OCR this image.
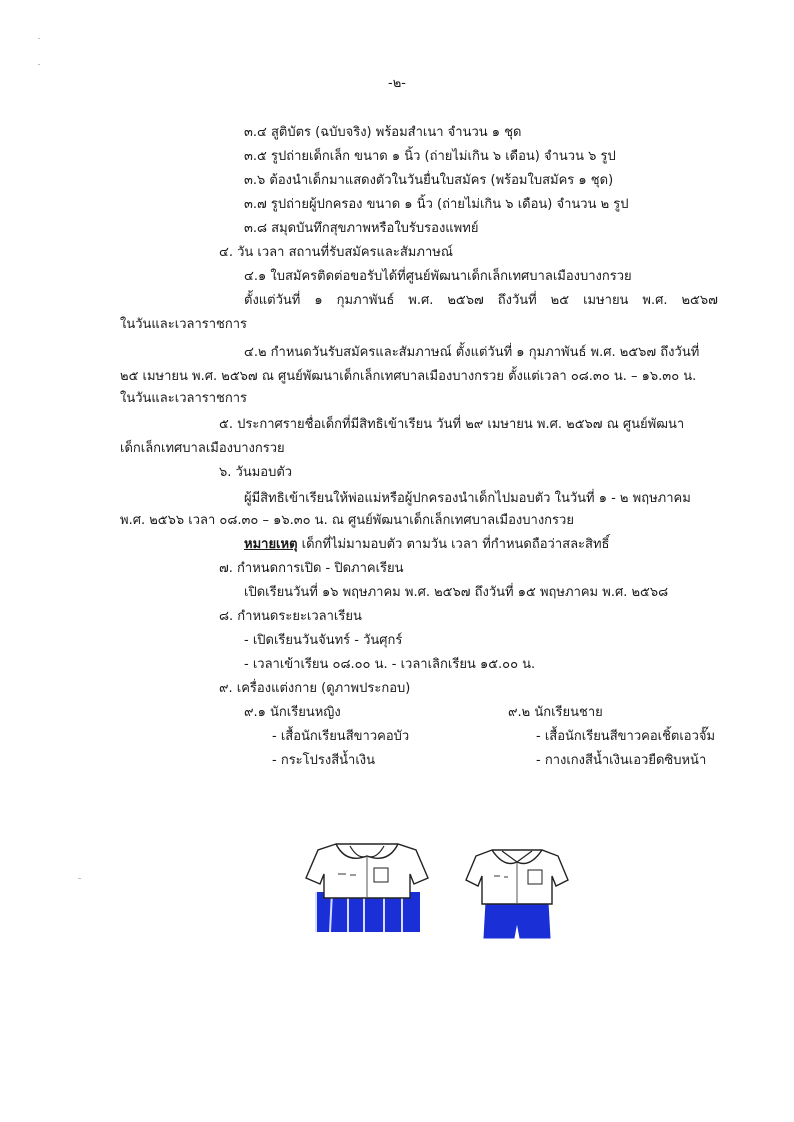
-๒-
๓.๔ สูติบัตร (ฉบับจริง) พร้อมสำเนา จำนวน ๑ ชุด
๓.๕ รูปถ่ายเด็กเล็ก ขนาด ๑ นิ้ว (ถ่ายไม่เกิน ๖ เดือน) จำนวน ๖ รูป
๓.๖ ต้องนำเด็กมาแสดงตัวในวันยื่นใบสมัคร (พร้อมใบสมัคร ๑ ชุด)
๓.๗ รูปถ่ายผู้ปกครอง ขนาด ๑ นิ้ว (ถ่ายไม่เกิน ๖ เดือน) จำนวน ๒ รูป
๓.๘ สมุดบันทึกสุขภาพหรือใบรับรองแพทย์
๔. วัน เวลา สถานที่รับสมัครและสัมภาษณ์
๔.๑ ใบสมัครติดต่อขอรับได้ที่ศูนย์พัฒนาเด็กเล็กเทศบาลเมืองบางกรวย
ตั้งแต่วันที่ ๑ กุมภาพันธ์ พ.ศ. ๒๕๖๗ ถึงวันที่ ๒๕ เมษายน พ.ศ. ๒๕๖๗
ในวันและเวลาราชการ
๔.๒ กำหนดวันรับสมัครและสัมภาษณ์ ตั้งแต่วันที่ ๑ กุมภาพันธ์ พ.ศ. ๒๕๖๗ ถึงวันที่
๒๕ เมษายน พ.ศ. ๒๕๖๗ ณ ศูนย์พัฒนาเด็กเล็กเทศบาลเมืองบางกรวย ตั้งแต่เวลา ๐๘.๓๐ น. – ๑๖.๓๐ น.
ในวันและเวลาราชการ
๕. ประกาศรายชื่อเด็กที่มีสิทธิเข้าเรียน วันที่ ๒๙ เมษายน พ.ศ. ๒๕๖๗ ณ ศูนย์พัฒนา
เด็กเล็กเทศบาลเมืองบางกรวย
๖. วันมอบตัว
ผู้มีสิทธิเข้าเรียนให้พ่อแม่หรือผู้ปกครองนำเด็กไปมอบตัว ในวันที่ ๑ - ๒ พฤษภาคม
พ.ศ. ๒๕๖๖ เวลา ๐๘.๓๐ – ๑๖.๓๐ น. ณ ศูนย์พัฒนาเด็กเล็กเทศบาลเมืองบางกรวย
หมายเหตุ เด็กที่ไม่มามอบตัว ตามวัน เวลา ที่กำหนดถือว่าสละสิทธิ์
๗. กำหนดการเปิด - ปิดภาคเรียน
เปิดเรียนวันที่ ๑๖ พฤษภาคม พ.ศ. ๒๕๖๗ ถึงวันที่ ๑๕ พฤษภาคม พ.ศ. ๒๕๖๘
๘. กำหนดระยะเวลาเรียน
- เปิดเรียนวันจันทร์ - วันศุกร์
- เวลาเข้าเรียน ๐๘.๐๐ น. - เวลาเลิกเรียน ๑๕.๐๐ น.
๙. เครื่องแต่งกาย (ดูภาพประกอบ)
๙.๑ นักเรียนหญิง	๙.๒ นักเรียนชาย
- เสื้อนักเรียนสีขาวคอบัว	- เสื้อนักเรียนสีขาวคอเชิ้ตเอวจั๊ม
- กระโปรงสีน้ำเงิน	- กางเกงสีน้ำเงินเอวยืดซิบหน้า
